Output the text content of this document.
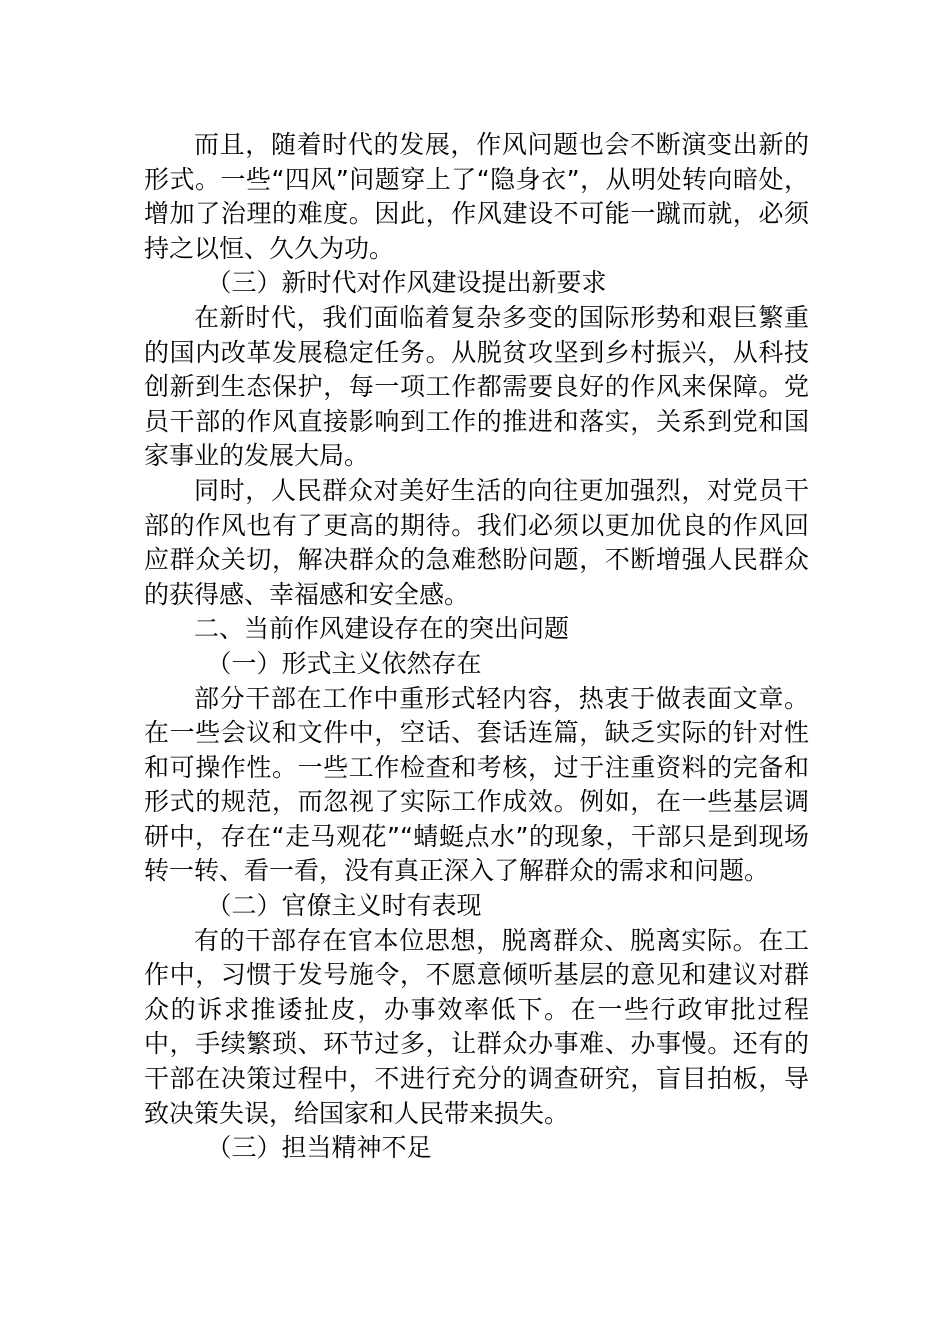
而且，随着时代的发展，作风问题也会不断演变出新的形式。一些“四风”问题穿上了“隐身衣”，从明处转向暗处，增加了治理的难度。因此，作风建设不可能一蹴而就，必须持之以恒、久久为功。

（三）新时代对作风建设提出新要求

在新时代，我们面临着复杂多变的国际形势和艰巨繁重的国内改革发展稳定任务。从脱贫攻坚到乡村振兴，从科技创新到生态保护，每一项工作都需要良好的作风来保障。党员干部的作风直接影响到工作的推进和落实，关系到党和国家事业的发展大局。

同时，人民群众对美好生活的向往更加强烈，对党员干部的作风也有了更高的期待。我们必须以更加优良的作风回应群众关切，解决群众的急难愁盼问题，不断增强人民群众的获得感、幸福感和安全感。

二、当前作风建设存在的突出问题

（一）形式主义依然存在

部分干部在工作中重形式轻内容，热衷于做表面文章。在一些会议和文件中，空话、套话连篇，缺乏实际的针对性和可操作性。一些工作检查和考核，过于注重资料的完备和形式的规范，而忽视了实际工作成效。例如，在一些基层调研中，存在“走马观花”“蜻蜓点水”的现象，干部只是到现场转一转、看一看，没有真正深入了解群众的需求和问题。

（二）官僚主义时有表现

有的干部存在官本位思想，脱离群众、脱离实际。在工作中，习惯于发号施令，不愿意倾听基层的意见和建议对群众的诉求推诿扯皮，办事效率低下。在一些行政审批过程中，手续繁琐、环节过多，让群众办事难、办事慢。还有的干部在决策过程中，不进行充分的调查研究，盲目拍板，导致决策失误，给国家和人民带来损失。

（三）担当精神不足
